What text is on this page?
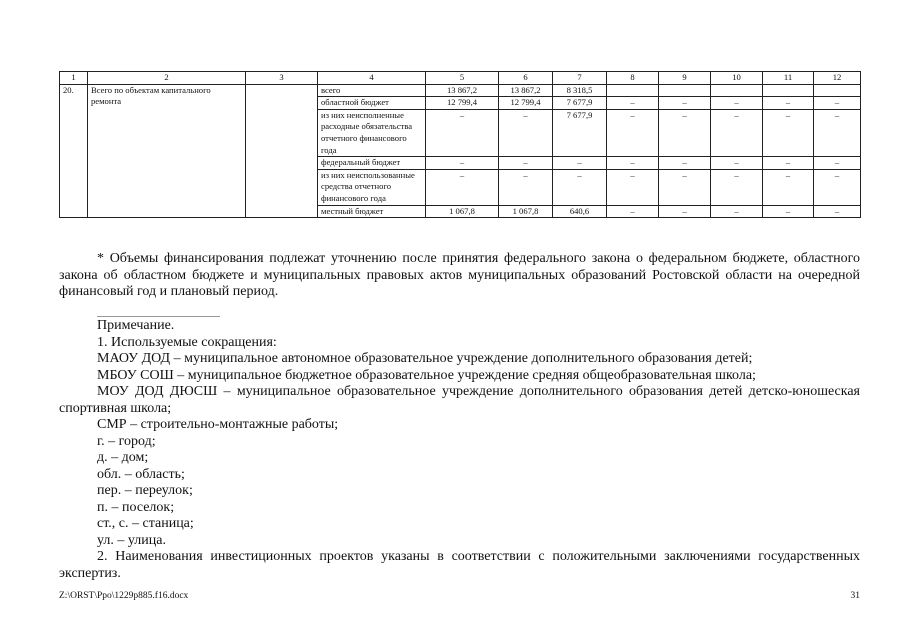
1	2	3	4	5	6	7	8	9	10	11	12
20.	Всего по объектам капитального ремонта		всего	13 867,2	13 867,2	8 318,5					
			областной бюджет	12 799,4	12 799,4	7 677,9	–	–	–	–	–
			из них неисполненные расходные обязательства отчетного финансового года	–	–	7 677,9	–	–	–	–	–
			федеральный бюджет	–	–	–	–	–	–	–	–
			из них неиспользованные средства отчетного финансового года	–	–	–	–	–	–	–	–
			местный бюджет	1 067,8	1 067,8	640,6	–	–	–	–	–

* Объемы финансирования подлежат уточнению после принятия федерального закона о федеральном бюджете, областного закона об областном бюджете и муниципальных правовых актов муниципальных образований Ростовской области на очередной финансовый год и плановый период.

Примечание.

1. Используемые сокращения:

МАОУ ДОД – муниципальное автономное образовательное учреждение дополнительного образования детей;

МБОУ СОШ – муниципальное бюджетное образовательное учреждение средняя общеобразовательная школа;

МОУ ДОД ДЮСШ – муниципальное образовательное учреждение дополнительного образования детей детско-юношеская спортивная школа;

СМР – строительно-монтажные работы;

г. – город;

д. – дом;

обл. – область;

пер. – переулок;

п. – поселок;

ст., с. – станица;

ул. – улица.

2. Наименования инвестиционных проектов указаны в соответствии с положительными заключениями государственных экспертиз.

Z:\ORST\Ppo\1229p885.f16.docx	31
